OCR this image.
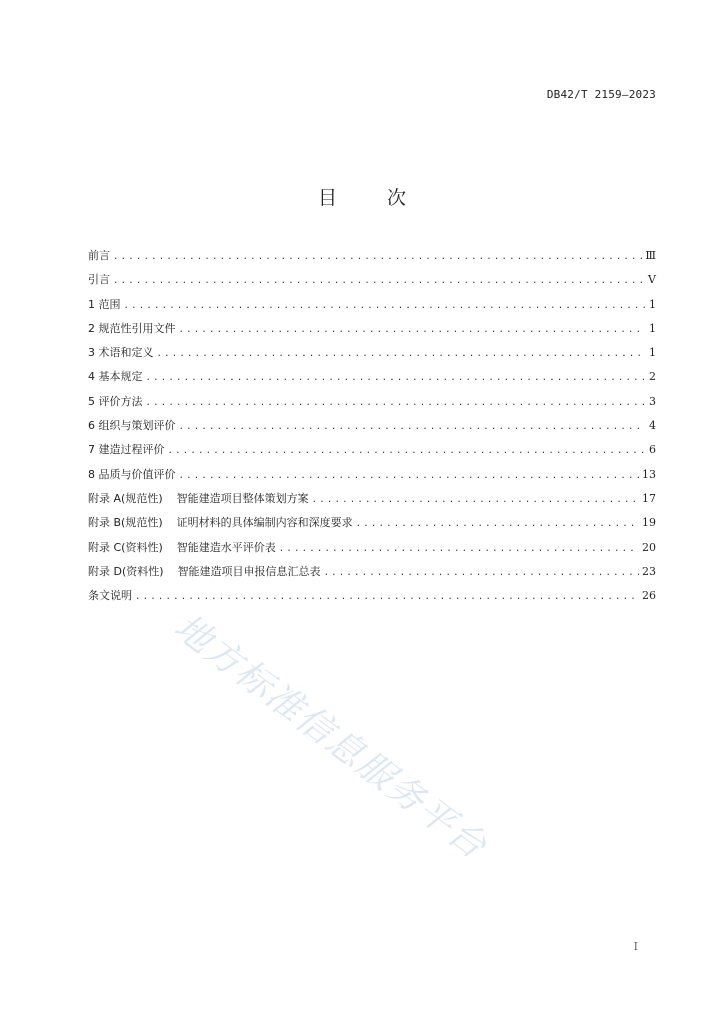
DB42/T 2159—2023
目 次
前言 .....	Ⅲ
引言 .....	Ⅴ
1 范围 .....	1
2 规范性引用文件 .....	1
3 术语和定义 .....	1
4 基本规定 .....	2
5 评价方法 .....	3
6 组织与策划评价 .....	4
7 建造过程评价 .....	6
8 品质与价值评价 .....	13
附录 A(规范性) 智能建造项目整体策划方案 .....	17
附录 B(规范性) 证明材料的具体编制内容和深度要求 .....	19
附录 C(资料性) 智能建造水平评价表 .....	20
附录 D(资料性) 智能建造项目申报信息汇总表 .....	23
条文说明 .....	26
地方标准信息服务平台
I
